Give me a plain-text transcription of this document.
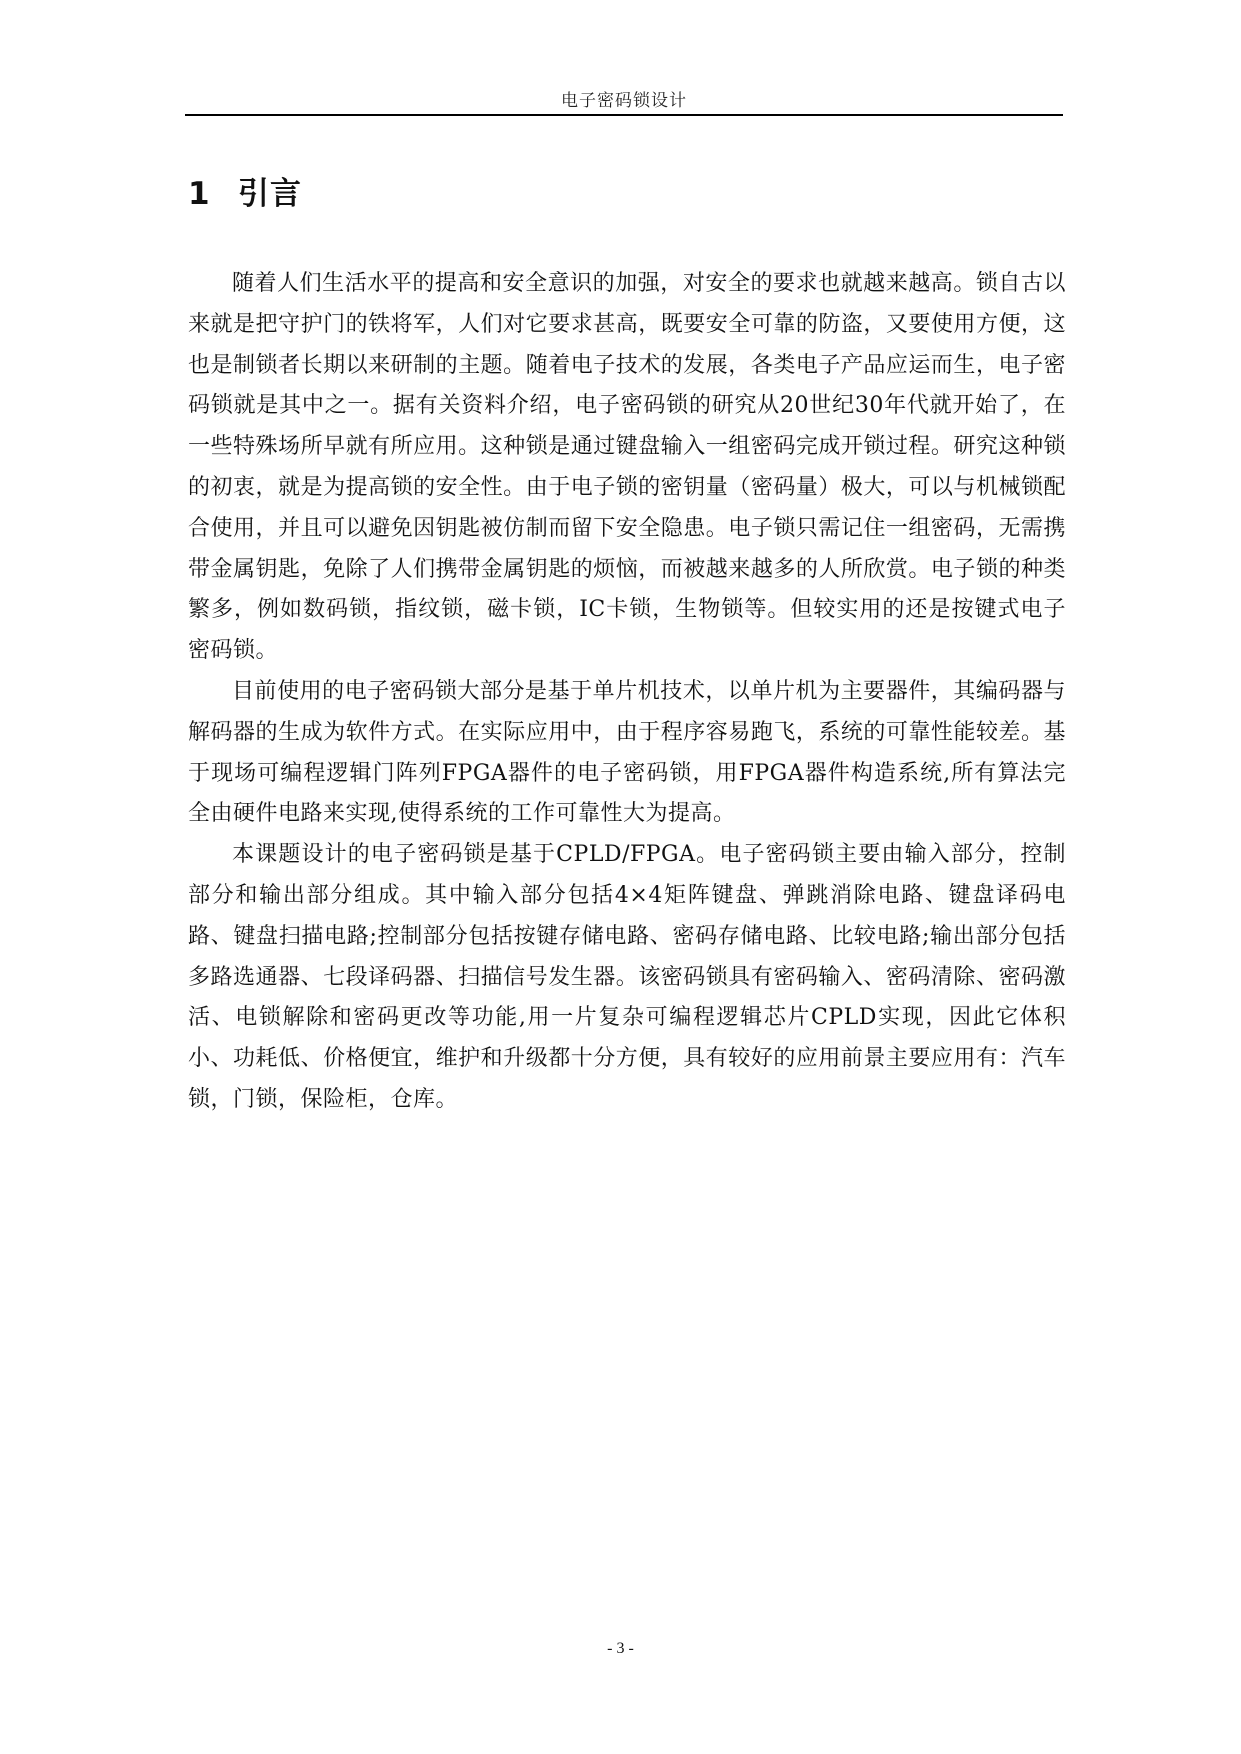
电子密码锁设计
1 引言

随着人们生活水平的提高和安全意识的加强，对安全的要求也就越来越高。锁自古以来就是把守护门的铁将军，人们对它要求甚高，既要安全可靠的防盗，又要使用方便，这也是制锁者长期以来研制的主题。随着电子技术的发展，各类电子产品应运而生，电子密码锁就是其中之一。据有关资料介绍，电子密码锁的研究从20世纪30年代就开始了，在一些特殊场所早就有所应用。这种锁是通过键盘输入一组密码完成开锁过程。研究这种锁的初衷，就是为提高锁的安全性。由于电子锁的密钥量（密码量）极大，可以与机械锁配合使用，并且可以避免因钥匙被仿制而留下安全隐患。电子锁只需记住一组密码，无需携带金属钥匙，免除了人们携带金属钥匙的烦恼，而被越来越多的人所欣赏。电子锁的种类繁多，例如数码锁，指纹锁，磁卡锁，IC卡锁，生物锁等。但较实用的还是按键式电子密码锁。

目前使用的电子密码锁大部分是基于单片机技术，以单片机为主要器件，其编码器与解码器的生成为软件方式。在实际应用中，由于程序容易跑飞，系统的可靠性能较差。基于现场可编程逻辑门阵列FPGA器件的电子密码锁，用FPGA器件构造系统,所有算法完全由硬件电路来实现,使得系统的工作可靠性大为提高。

本课题设计的电子密码锁是基于CPLD/FPGA。电子密码锁主要由输入部分，控制部分和输出部分组成。其中输入部分包括4×4矩阵键盘、弹跳消除电路、键盘译码电路、键盘扫描电路;控制部分包括按键存储电路、密码存储电路、比较电路;输出部分包括多路选通器、七段译码器、扫描信号发生器。该密码锁具有密码输入、密码清除、密码激活、电锁解除和密码更改等功能,用一片复杂可编程逻辑芯片CPLD实现，因此它体积小、功耗低、价格便宜，维护和升级都十分方便，具有较好的应用前景主要应用有：汽车锁，门锁，保险柜，仓库。

- 3 -
